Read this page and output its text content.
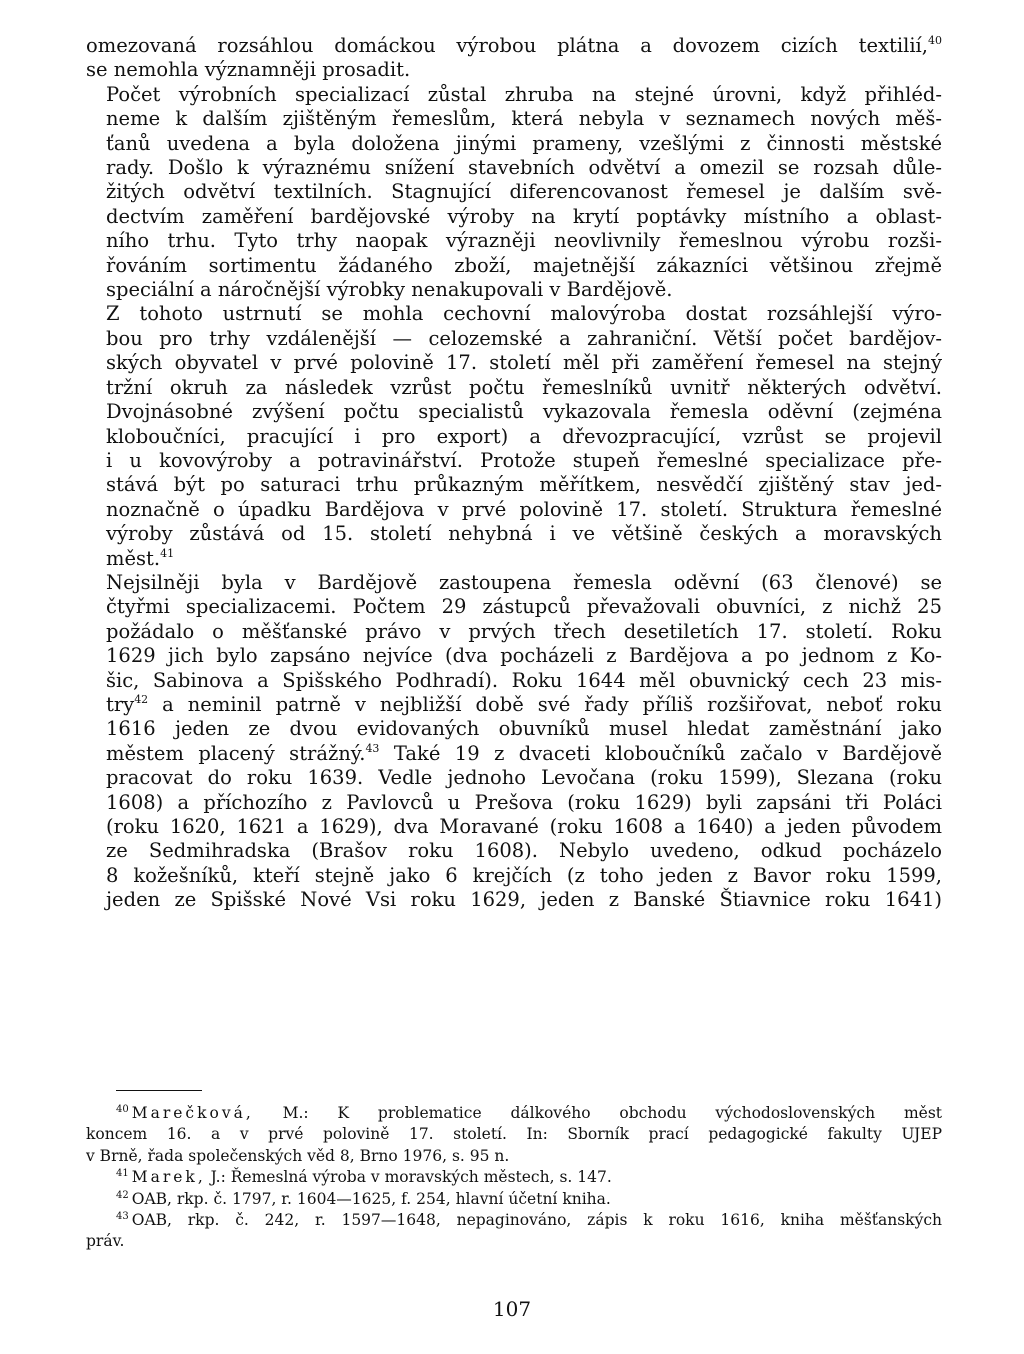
omezovaná rozsáhlou domáckou výrobou plátna a dovozem cizích textilií,$^{40}$
se nemohla významněji prosadit.

Počet výrobních specializací zůstal zhruba na stejné úrovni, když přihléd-
neme k dalším zjištěným řemeslům, která nebyla v seznamech nových měš-
ťanů uvedena a byla doložena jinými prameny, vzešlými z činnosti městské
rady. Došlo k výraznému snížení stavebních odvětví a omezil se rozsah důle-
žitých odvětví textilních. Stagnující diferencovanost řemesel je dalším svě-
dectvím zaměření bardějovské výroby na krytí poptávky místního a oblast-
ního trhu. Tyto trhy naopak výrazněji neovlivnily řemeslnou výrobu rozši-
řováním sortimentu žádaného zboží, majetnější zákazníci většinou zřejmě
speciální a náročnější výrobky nenakupovali v Bardějově.

Z tohoto ustrnutí se mohla cechovní malovýroba dostat rozsáhlejší výro-
bou pro trhy vzdálenější — celozemské a zahraniční. Větší počet bardějov-
ských obyvatel v prvé polovině 17. století měl při zaměření řemesel na stejný
tržní okruh za následek vzrůst počtu řemeslníků uvnitř některých odvětví.
Dvojnásobné zvýšení počtu specialistů vykazovala řemesla oděvní (zejména
kloboučníci, pracující i pro export) a dřevozpracující, vzrůst se projevil
i u kovovýroby a potravinářství. Protože stupeň řemeslné specializace pře-
stává být po saturaci trhu průkazným měřítkem, nesvědčí zjištěný stav jed-
noznačně o úpadku Bardějova v prvé polovině 17. století. Struktura řemeslné
výroby zůstává od 15. století nehybná i ve většině českých a moravských
měst.$^{41}$

Nejsilněji byla v Bardějově zastoupena řemesla oděvní (63 členové) se
čtyřmi specializacemi. Počtem 29 zástupců převažovali obuvníci, z nichž 25
požádalo o měšťanské právo v prvých třech desetiletích 17. století. Roku
1629 jich bylo zapsáno nejvíce (dva pocházeli z Bardějova a po jednom z Ko-
šic, Sabinova a Spišského Podhradí). Roku 1644 měl obuvnický cech 23 mis-
try$^{42}$ a neminil patrně v nejbližší době své řady příliš rozšiřovat, neboť roku
1616 jeden ze dvou evidovaných obuvníků musel hledat zaměstnání jako
městem placený strážný.$^{43}$ Také 19 z dvaceti kloboučníků začalo v Bardějově
pracovat do roku 1639. Vedle jednoho Levočana (roku 1599), Slezana (roku
1608) a příchozího z Pavlovců u Prešova (roku 1629) byli zapsáni tři Poláci
(roku 1620, 1621 a 1629), dva Moravané (roku 1608 a 1640) a jeden původem
ze Sedmihradska (Brašov roku 1608). Nebylo uvedeno, odkud pocházelo
8 kožešníků, kteří stejně jako 6 krejčích (z toho jeden z Bavor roku 1599,
jeden ze Spišské Nové Vsi roku 1629, jeden z Banské Štiavnice roku 1641)

$^{40}$ Marečková, M.: K problematice dálkového obchodu východoslovenských měst
koncem 16. a v prvé polovině 17. století. In: Sborník prací pedagogické fakulty UJEP
v Brně, řada společenských věd 8, Brno 1976, s. 95 n.

$^{41}$ Marek, J.: Řemeslná výroba v moravských městech, s. 147.

$^{42}$ OAB, rkp. č. 1797, r. 1604—1625, f. 254, hlavní účetní kniha.

$^{43}$ OAB, rkp. č. 242, r. 1597—1648, nepaginováno, zápis k roku 1616, kniha měšťanských
práv.

107
